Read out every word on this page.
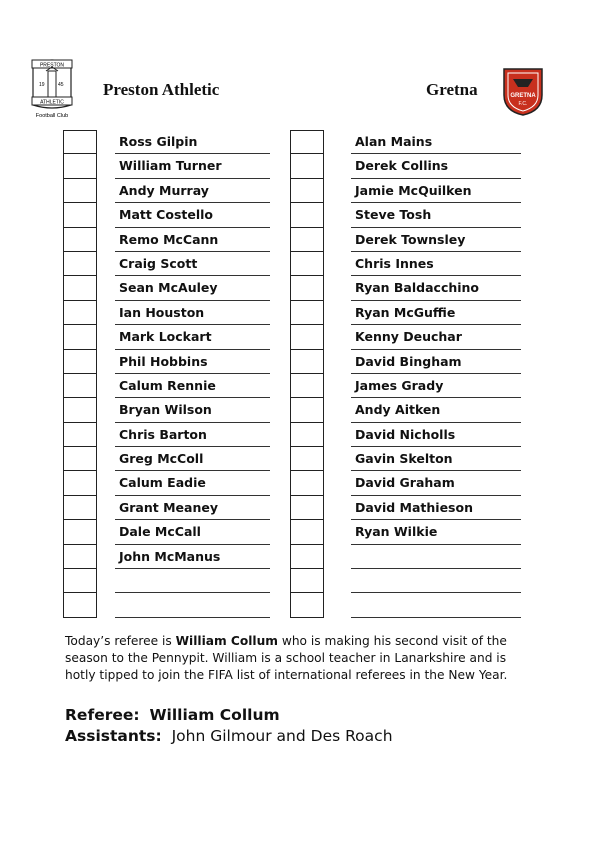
PRESTON
19	45
ATHLETIC
Football Club
Preston Athletic	Gretna	GRETNA
F.C.
Ross Gilpin
William Turner
Andy Murray
Matt Costello
Remo McCann
Craig Scott
Sean McAuley
Ian Houston
Mark Lockart
Phil Hobbins
Calum Rennie
Bryan Wilson
Chris Barton
Greg McColl
Calum Eadie
Grant Meaney
Dale McCall
John McManus
Alan Mains
Derek Collins
Jamie McQuilken
Steve Tosh
Derek Townsley
Chris Innes
Ryan Baldacchino
Ryan McGuffie
Kenny Deuchar
David Bingham
James Grady
Andy Aitken
David Nicholls
Gavin Skelton
David Graham
David Mathieson
Ryan Wilkie
Today’s referee is William Collum who is making his second visit of the season to the Pennypit. William is a school teacher in Lanarkshire and is hotly tipped to join the FIFA list of international referees in the New Year.
Referee: William Collum
Assistants: John Gilmour and Des Roach
